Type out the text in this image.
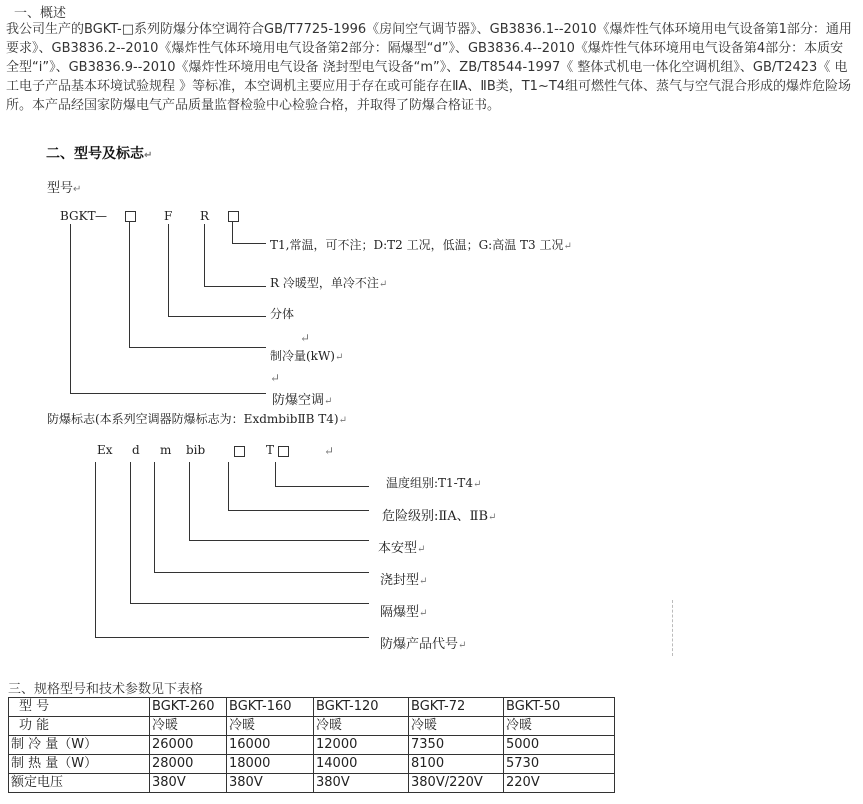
一、概述
我公司生产的BGKT-□系列防爆分体空调符合GB/T7725-1996《房间空气调节器》、GB3836.1--2010《爆炸性气体环境用电气设备第1部分：通用要求》、GB3836.2--2010《爆炸性气体环境用电气设备第2部分：隔爆型“d”》、GB3836.4--2010《爆炸性气体环境用电气设备第4部分：本质安全型“i”》、GB3836.9--2010《爆炸性环境用电气设备 浇封型电气设备“m”》、ZB/T8544-1997《 整体式机电一体化空调机组》、GB/T2423《 电工电子产品基本环境试验规程 》等标准，本空调机主要应用于存在或可能存在ⅡA、ⅡB类，T1~T4组可燃性气体、蒸气与空气混合形成的爆炸危险场所。本产品经国家防爆电气产品质量监督检验中心检验合格，并取得了防爆合格证书。
二、型号及标志↵
型号↵
BGKT —	F R
T1,常温，可不注；D:T2 工况，低温；G:高温 T3 工况↵
R 冷暖型，单冷不注↵
分体
↵
制冷量(kW)↵
↵
防爆空调↵
防爆标志(本系列空调器防爆标志为：ExdmbibⅡB T4)↵
Ex d m bib	T	↵
温度组别:T1-T4↵
危险级别:ⅡA、ⅡB↵
本安型↵
浇封型↵
隔爆型↵
防爆产品代号↵
三、规格型号和技术参数见下表格
型 号	BGKT-260	BGKT-160	BGKT-120	BGKT-72	BGKT-50
功 能	冷暖	冷暖	冷暖	冷暖	冷暖
制 冷 量（W）	26000	16000	12000	7350	5000
制 热 量（W）	28000	18000	14000	8100	5730
额定电压	380V	380V	380V	380V/220V	220V
